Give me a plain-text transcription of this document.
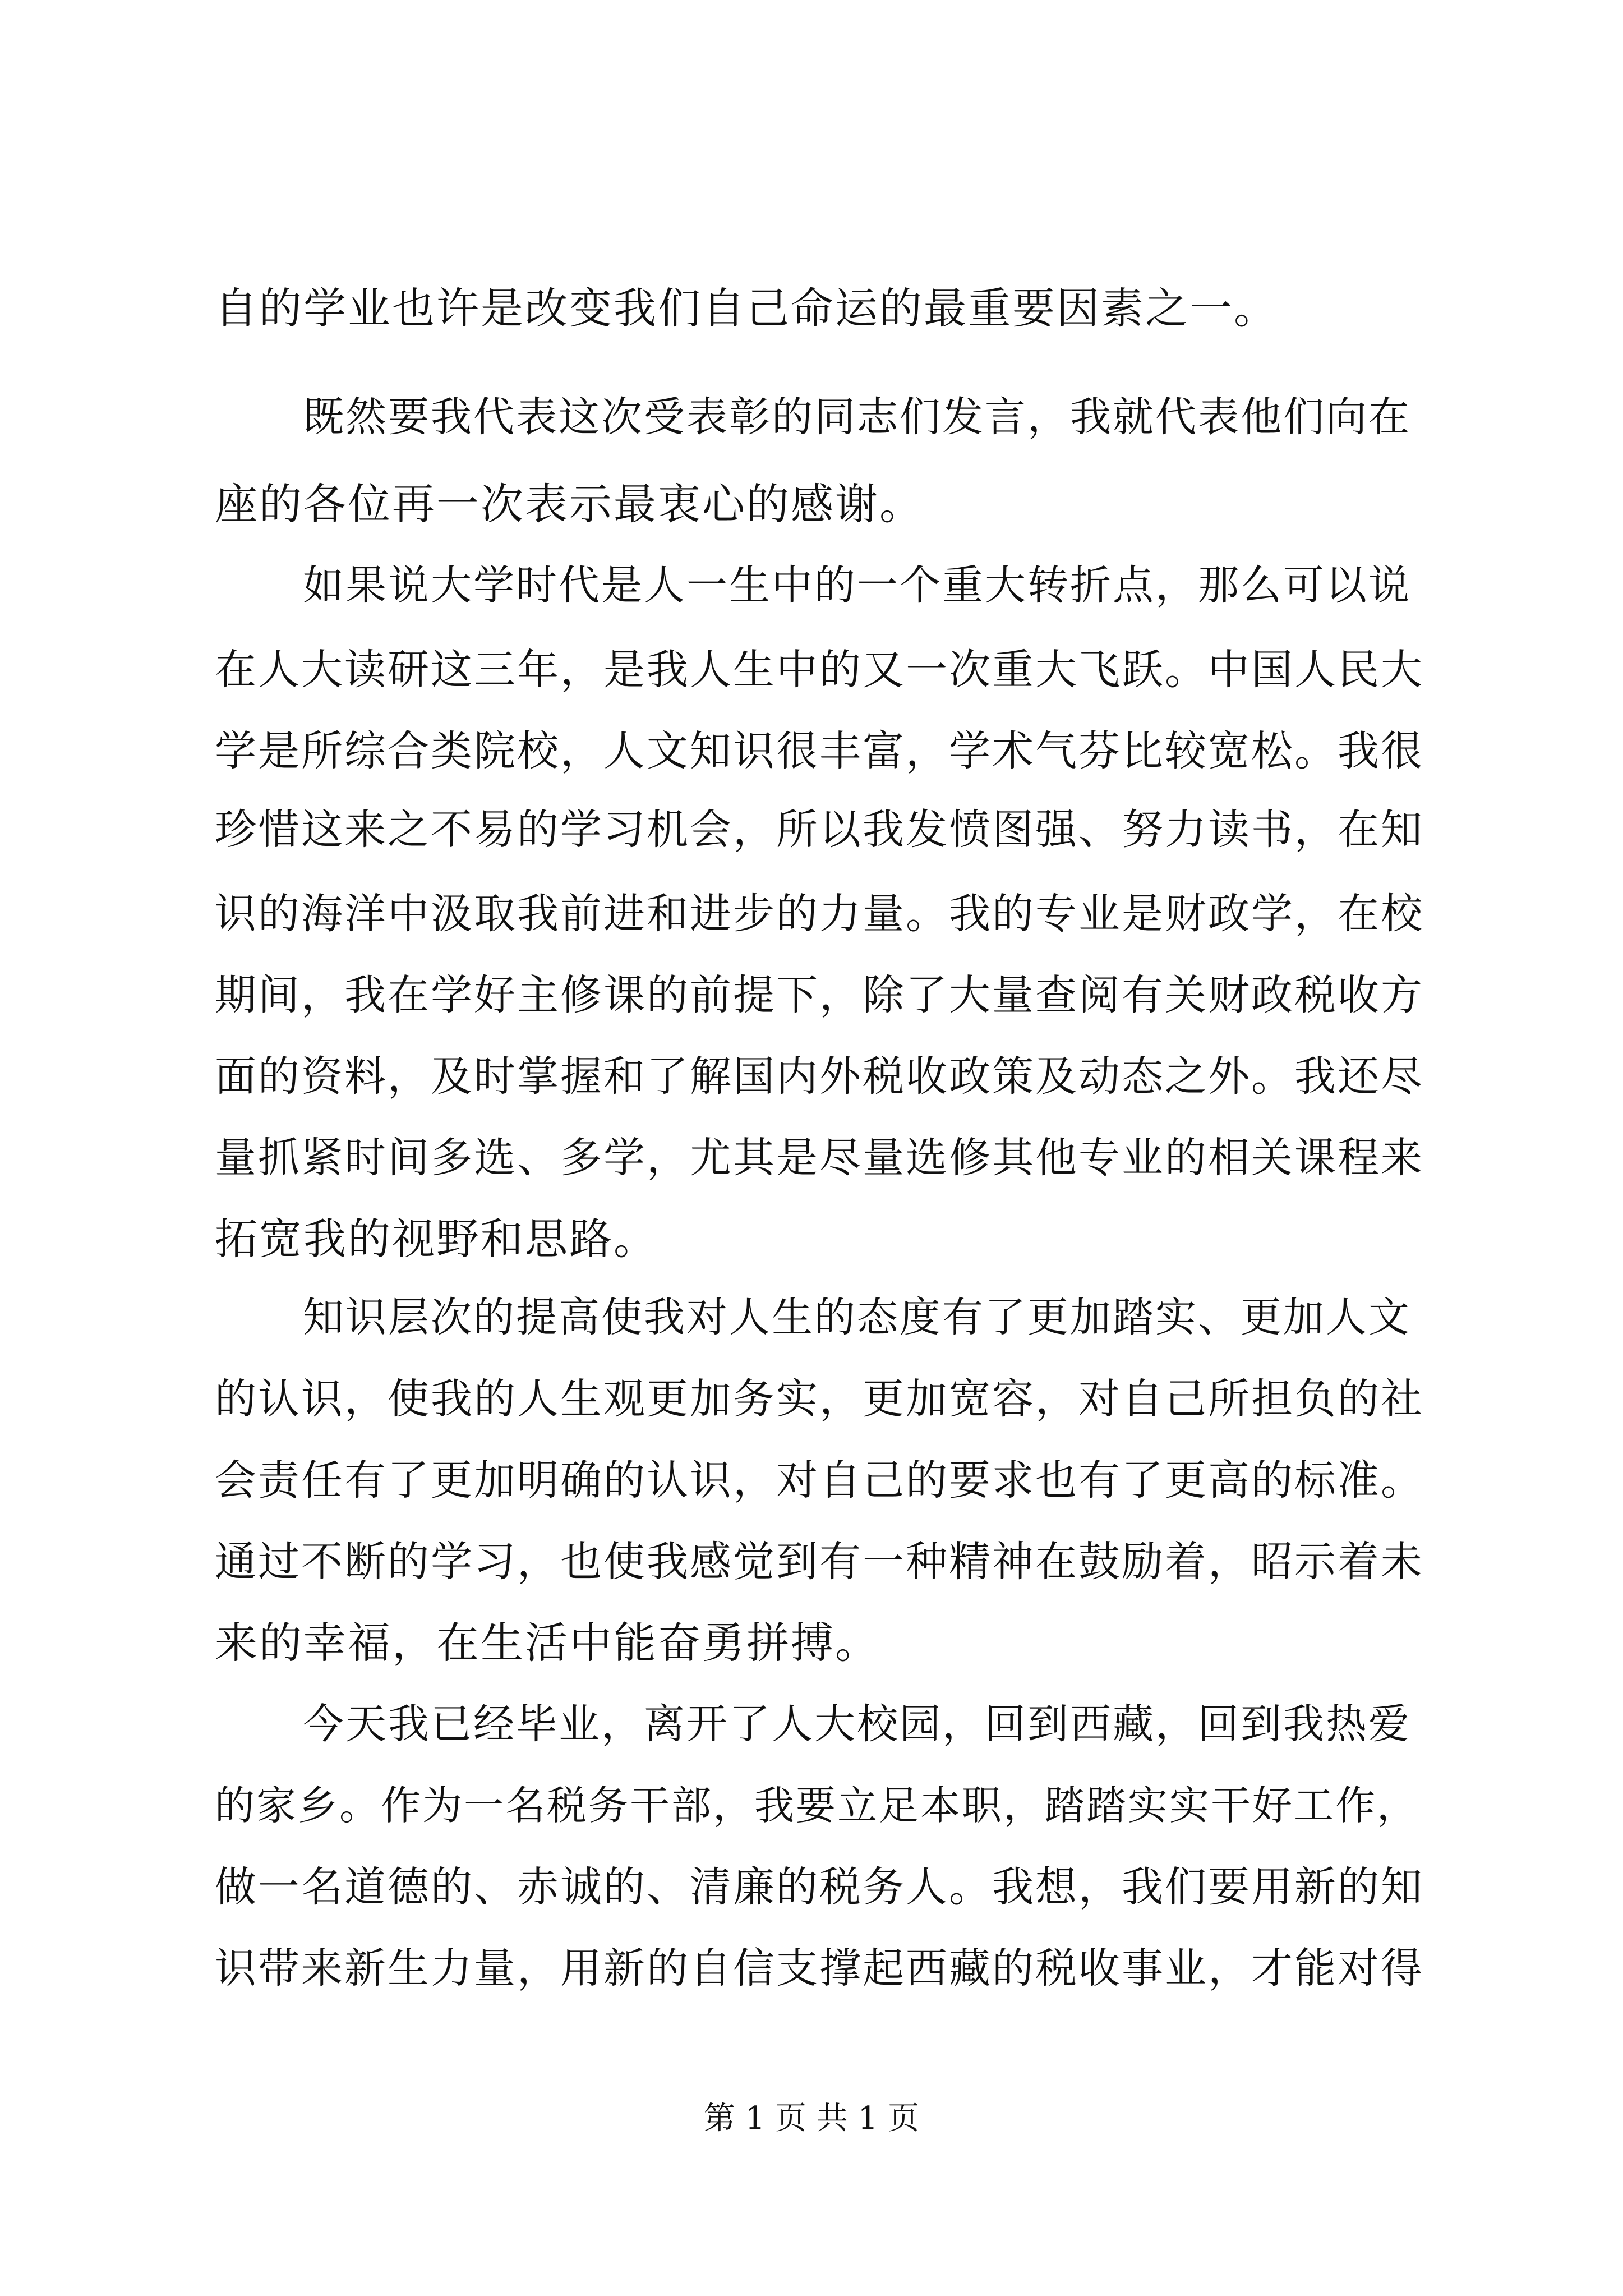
自的学业也许是改变我们自己命运的最重要因素之一。
既然要我代表这次受表彰的同志们发言，我就代表他们向在
座的各位再一次表示最衷心的感谢。
如果说大学时代是人一生中的一个重大转折点，那么可以说
在人大读研这三年，是我人生中的又一次重大飞跃。中国人民大
学是所综合类院校，人文知识很丰富，学术气芬比较宽松。我很
珍惜这来之不易的学习机会，所以我发愤图强、努力读书，在知
识的海洋中汲取我前进和进步的力量。我的专业是财政学，在校
期间，我在学好主修课的前提下，除了大量查阅有关财政税收方
面的资料，及时掌握和了解国内外税收政策及动态之外。我还尽
量抓紧时间多选、多学，尤其是尽量选修其他专业的相关课程来
拓宽我的视野和思路。
知识层次的提高使我对人生的态度有了更加踏实、更加人文
的认识，使我的人生观更加务实，更加宽容，对自己所担负的社
会责任有了更加明确的认识，对自己的要求也有了更高的标准。
通过不断的学习，也使我感觉到有一种精神在鼓励着，昭示着未
来的幸福，在生活中能奋勇拼搏。
今天我已经毕业，离开了人大校园，回到西藏，回到我热爱
的家乡。作为一名税务干部，我要立足本职，踏踏实实干好工作，
做一名道德的、赤诚的、清廉的税务人。我想，我们要用新的知
识带来新生力量，用新的自信支撑起西藏的税收事业，才能对得
第 1 页 共 1 页
